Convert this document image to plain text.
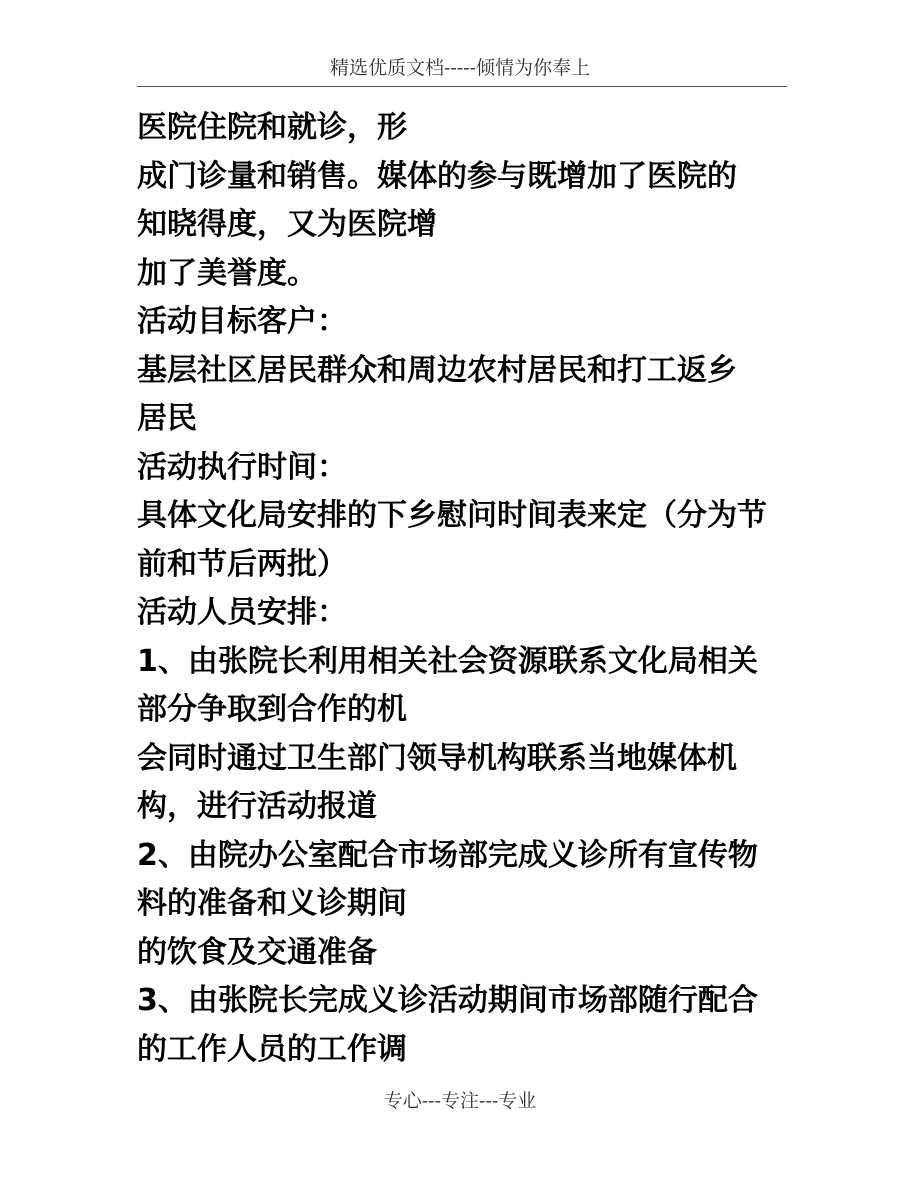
精选优质文档-----倾情为你奉上
医院住院和就诊，形
成门诊量和销售。媒体的参与既增加了医院的
知晓得度，又为医院增
加了美誉度。
活动目标客户：
基层社区居民群众和周边农村居民和打工返乡
居民
活动执行时间：
具体文化局安排的下乡慰问时间表来定（分为节
前和节后两批）
活动人员安排：
1、由张院长利用相关社会资源联系文化局相关
部分争取到合作的机
会同时通过卫生部门领导机构联系当地媒体机
构，进行活动报道
2、由院办公室配合市场部完成义诊所有宣传物
料的准备和义诊期间
的饮食及交通准备
3、由张院长完成义诊活动期间市场部随行配合
的工作人员的工作调
专心---专注---专业
